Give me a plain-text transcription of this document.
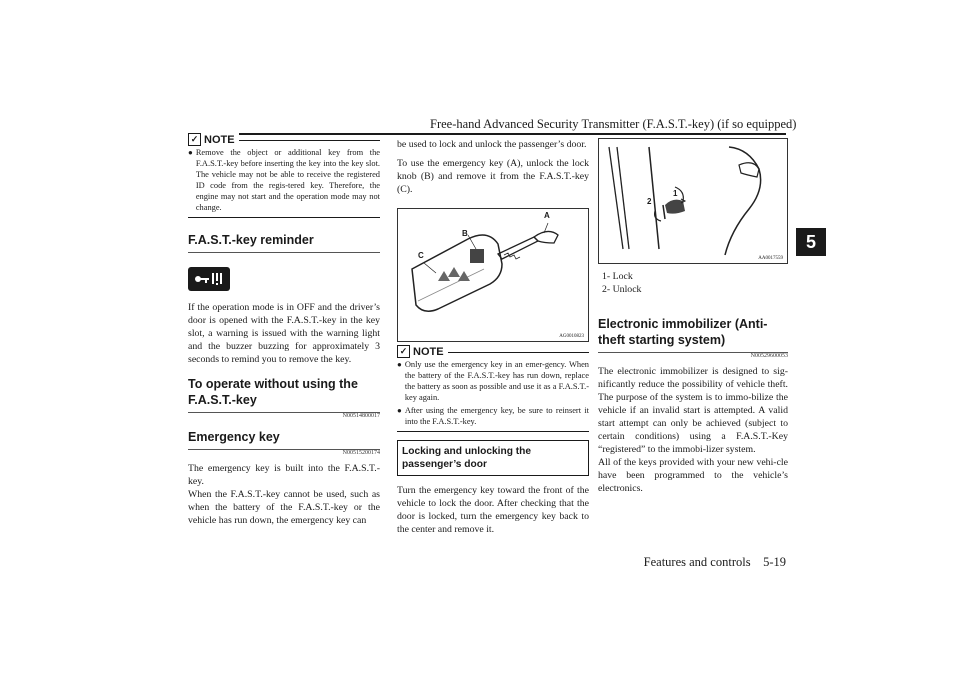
Free-hand Advanced Security Transmitter (F.A.S.T.-key) (if so equipped)
5
✓ NOTE
● Remove the object or additional key from the F.A.S.T.-key before inserting the key into the key slot. The vehicle may not be able to receive the registered ID code from the regis-tered key. Therefore, the engine may not start and the operation mode may not change.
F.A.S.T.-key reminder
If the operation mode is in OFF and the driver’s door is opened with the F.A.S.T.-key in the key slot, a warning is issued with the warning light and the buzzer buzzing for approximately 3 seconds to remind you to remove the key.
To operate without using the F.A.S.T.-key
N00514800017
Emergency key
N00515200174
The emergency key is built into the F.A.S.T.-key.
When the F.A.S.T.-key cannot be used, such as when the battery of the F.A.S.T.-key or the vehicle has run down, the emergency key can
be used to lock and unlock the passenger’s door.
To use the emergency key (A), unlock the lock knob (B) and remove it from the F.A.S.T.-key (C).
A
B
C
AG0010823
✓ NOTE
● Only use the emergency key in an emer-gency. When the battery of the F.A.S.T.-key has run down, replace the battery as soon as possible and use it as a F.A.S.T.-key again.
● After using the emergency key, be sure to reinsert it into the F.A.S.T.-key.
Locking and unlocking the passenger’s door
Turn the emergency key toward the front of the vehicle to lock the door. After checking that the door is locked, turn the emergency key back to the center and remove it.
1
2
AA0017559
1- Lock
2- Unlock
Electronic immobilizer (Anti-theft starting system)
N00529600053
The electronic immobilizer is designed to sig-nificantly reduce the possibility of vehicle theft. The purpose of the system is to immo-bilize the vehicle if an invalid start is attempted. A valid start attempt can only be achieved (subject to certain conditions) using a F.A.S.T.-Key “registered” to the immobi-lizer system.
All of the keys provided with your new vehi-cle have been programmed to the vehicle’s electronics.
Features and controls 5-19
